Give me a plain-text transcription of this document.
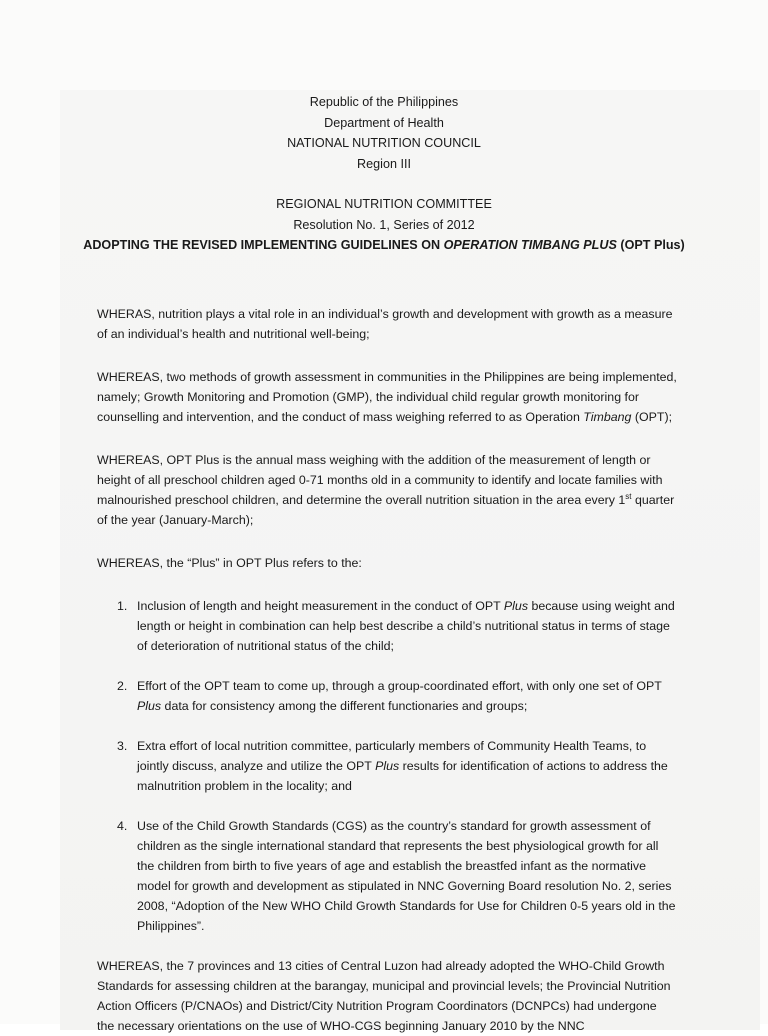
Republic of the Philippines
Department of Health
NATIONAL NUTRITION COUNCIL
Region III
REGIONAL NUTRITION COMMITTEE
Resolution No. 1, Series of 2012
ADOPTING THE REVISED IMPLEMENTING GUIDELINES ON OPERATION TIMBANG PLUS (OPT Plus)

WHERAS, nutrition plays a vital role in an individual’s growth and development with growth as a measure of an individual’s health and nutritional well-being;

WHEREAS, two methods of growth assessment in communities in the Philippines are being implemented, namely; Growth Monitoring and Promotion (GMP), the individual child regular growth monitoring for counselling and intervention, and the conduct of mass weighing referred to as Operation Timbang (OPT);

WHEREAS, OPT Plus is the annual mass weighing with the addition of the measurement of length or height of all preschool children aged 0-71 months old in a community to identify and locate families with malnourished preschool children, and determine the overall nutrition situation in the area every 1st quarter of the year (January-March);

WHEREAS, the “Plus” in OPT Plus refers to the:

1. Inclusion of length and height measurement in the conduct of OPT Plus because using weight and length or height in combination can help best describe a child’s nutritional status in terms of stage of deterioration of nutritional status of the child;
2. Effort of the OPT team to come up, through a group-coordinated effort, with only one set of OPT Plus data for consistency among the different functionaries and groups;
3. Extra effort of local nutrition committee, particularly members of Community Health Teams, to jointly discuss, analyze and utilize the OPT Plus results for identification of actions to address the malnutrition problem in the locality; and
4. Use of the Child Growth Standards (CGS) as the country’s standard for growth assessment of children as the single international standard that represents the best physiological growth for all the children from birth to five years of age and establish the breastfed infant as the normative model for growth and development as stipulated in NNC Governing Board resolution No. 2, series 2008, “Adoption of the New WHO Child Growth Standards for Use for Children 0-5 years old in the Philippines”.

WHEREAS, the 7 provinces and 13 cities of Central Luzon had already adopted the WHO-Child Growth Standards for assessing children at the barangay, municipal and provincial levels; the Provincial Nutrition Action Officers (P/CNAOs) and District/City Nutrition Program Coordinators (DCNPCs) had undergone the necessary orientations on the use of WHO-CGS beginning January 2010 by the NNC
